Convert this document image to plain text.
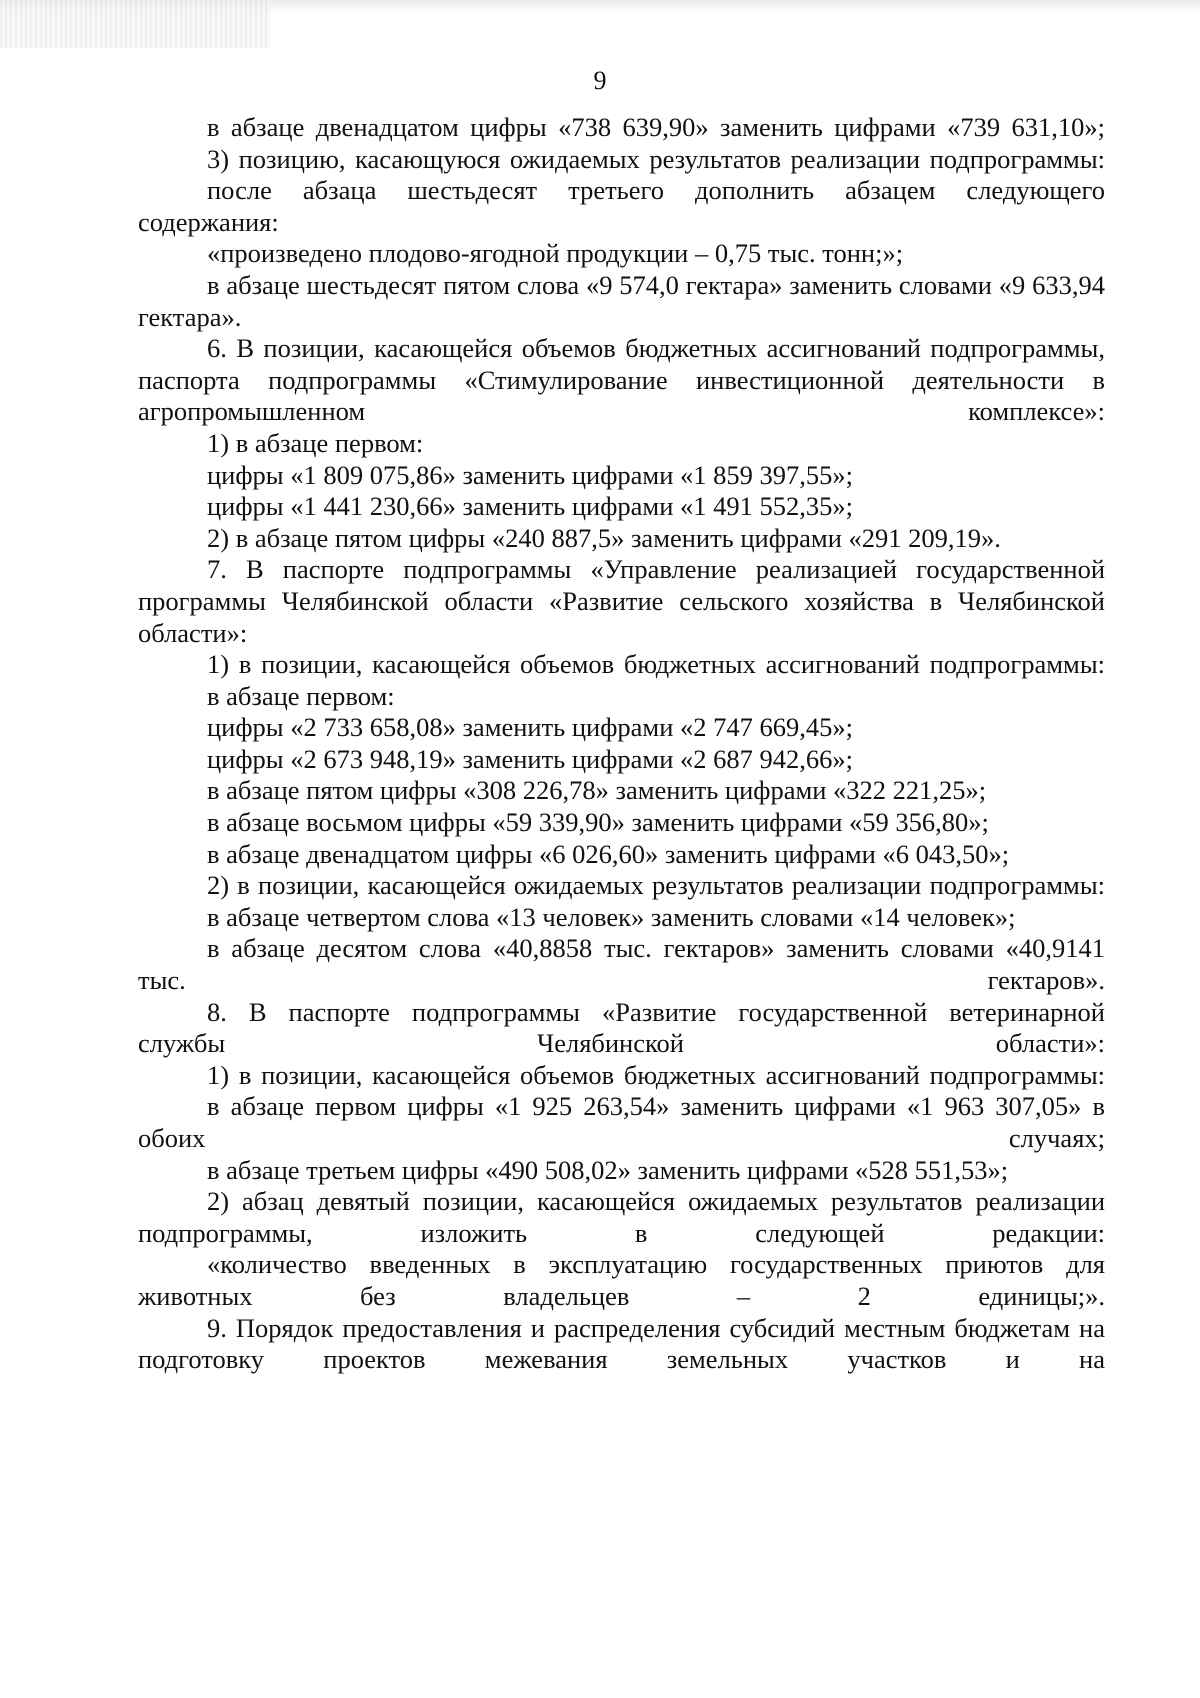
9

в абзаце двенадцатом цифры «738 639,90» заменить цифрами «739 631,10»;

3) позицию, касающуюся ожидаемых результатов реализации подпрограммы:

после абзаца шестьдесят третьего дополнить абзацем следующего содержания:

«произведено плодово-ягодной продукции – 0,75 тыс. тонн;»;

в абзаце шестьдесят пятом слова «9 574,0 гектара» заменить словами «9 633,94 гектара».

6. В позиции, касающейся объемов бюджетных ассигнований подпрограммы, паспорта подпрограммы «Стимулирование инвестиционной деятельности в агропромышленном комплексе»:

1) в абзаце первом:

цифры «1 809 075,86» заменить цифрами «1 859 397,55»;

цифры «1 441 230,66» заменить цифрами «1 491 552,35»;

2) в абзаце пятом цифры «240 887,5» заменить цифрами «291 209,19».

7. В паспорте подпрограммы «Управление реализацией государственной программы Челябинской области «Развитие сельского хозяйства в Челябинской области»:

1) в позиции, касающейся объемов бюджетных ассигнований подпрограммы:

в абзаце первом:

цифры «2 733 658,08» заменить цифрами «2 747 669,45»;

цифры «2 673 948,19» заменить цифрами «2 687 942,66»;

в абзаце пятом цифры «308 226,78» заменить цифрами «322 221,25»;

в абзаце восьмом цифры «59 339,90» заменить цифрами «59 356,80»;

в абзаце двенадцатом цифры «6 026,60» заменить цифрами «6 043,50»;

2) в позиции, касающейся ожидаемых результатов реализации подпрограммы:

в абзаце четвертом слова «13 человек» заменить словами «14 человек»;

в абзаце десятом слова «40,8858 тыс. гектаров» заменить словами «40,9141 тыс. гектаров».

8. В паспорте подпрограммы «Развитие государственной ветеринарной службы Челябинской области»:

1) в позиции, касающейся объемов бюджетных ассигнований подпрограммы:

в абзаце первом цифры «1 925 263,54» заменить цифрами «1 963 307,05» в обоих случаях;

в абзаце третьем цифры «490 508,02» заменить цифрами «528 551,53»;

2) абзац девятый позиции, касающейся ожидаемых результатов реализации подпрограммы, изложить в следующей редакции:

«количество введенных в эксплуатацию государственных приютов для животных без владельцев – 2 единицы;».

9. Порядок предоставления и распределения субсидий местным бюджетам на подготовку проектов межевания земельных участков и на
